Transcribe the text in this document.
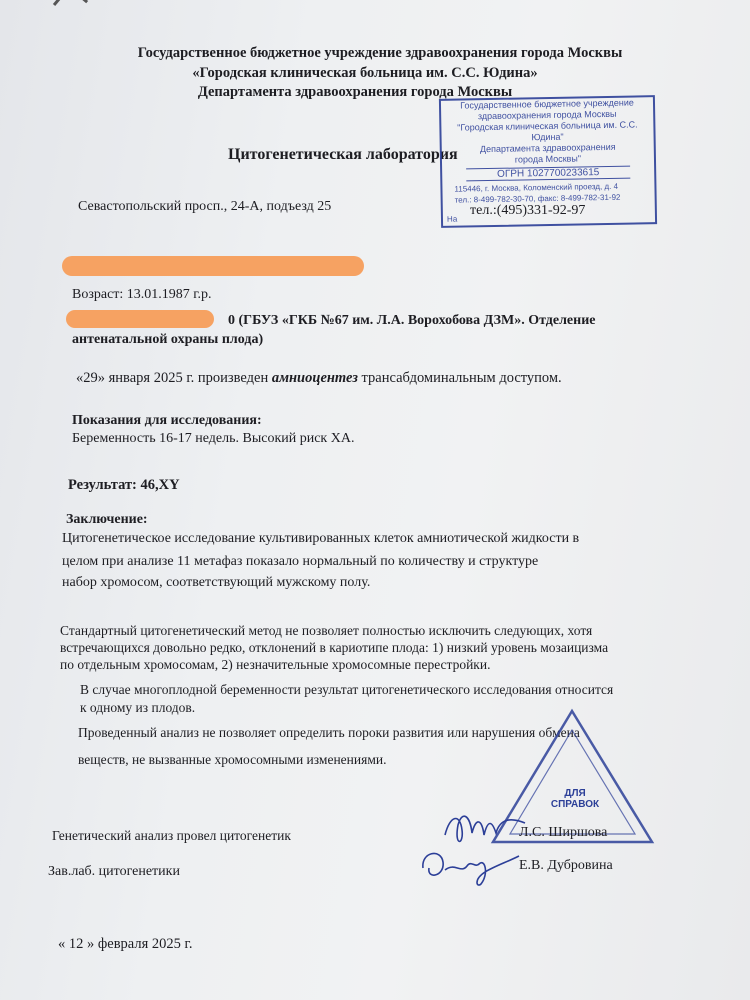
Государственное бюджетное учреждение здравоохранения города Москвы

«Городская клиническая больница им. С.С. Юдина»

Департамента здравоохранения города Москвы

Цитогенетическая лаборатория

Севастопольский просп., 24-А, подъезд 25

Государственное бюджетное учреждение
здравоохранения города Москвы
"Городская клиническая больница им. С.С. Юдина"
Департамента здравоохранения
города Москвы"
ОГРН 1027700233615
115446, г. Москва, Коломенский проезд, д. 4
тел.: 8-499-782-30-70, факс: 8-499-782-31-92
На

тел.:(495)331-92-97

Возраст: 13.01.1987 г.р.

0 (ГБУЗ «ГКБ №67 им. Л.А. Ворохобова ДЗМ». Отделение

антенатальной охраны плода)

«29» января 2025 г. произведен амниоцентез трансабдоминальным доступом.

Показания для исследования:

Беременность 16-17 недель. Высокий риск ХА.

Результат: 46,XY

Заключение:

Цитогенетическое исследование культивированных клеток амниотической жидкости в

целом при анализе 11 метафаз показало нормальный по количеству и структуре

набор хромосом, соответствующий мужскому полу.

Стандартный цитогенетический метод не позволяет полностью исключить следующих, хотя

встречающихся довольно редко, отклонений в кариотипе плода: 1) низкий уровень мозаицизма

по отдельным хромосомам, 2) незначительные хромосомные перестройки.

В случае многоплодной беременности результат цитогенетического исследования относится

к одному из плодов.

Проведенный анализ не позволяет определить пороки развития или нарушения обмена

веществ, не вызванные хромосомными изменениями.

ДЛЯ
СПРАВОК

Генетический анализ провел цитогенетик	Л.С. Ширшова

Зав.лаб. цитогенетики	Е.В. Дубровина

« 12 » февраля 2025 г.
